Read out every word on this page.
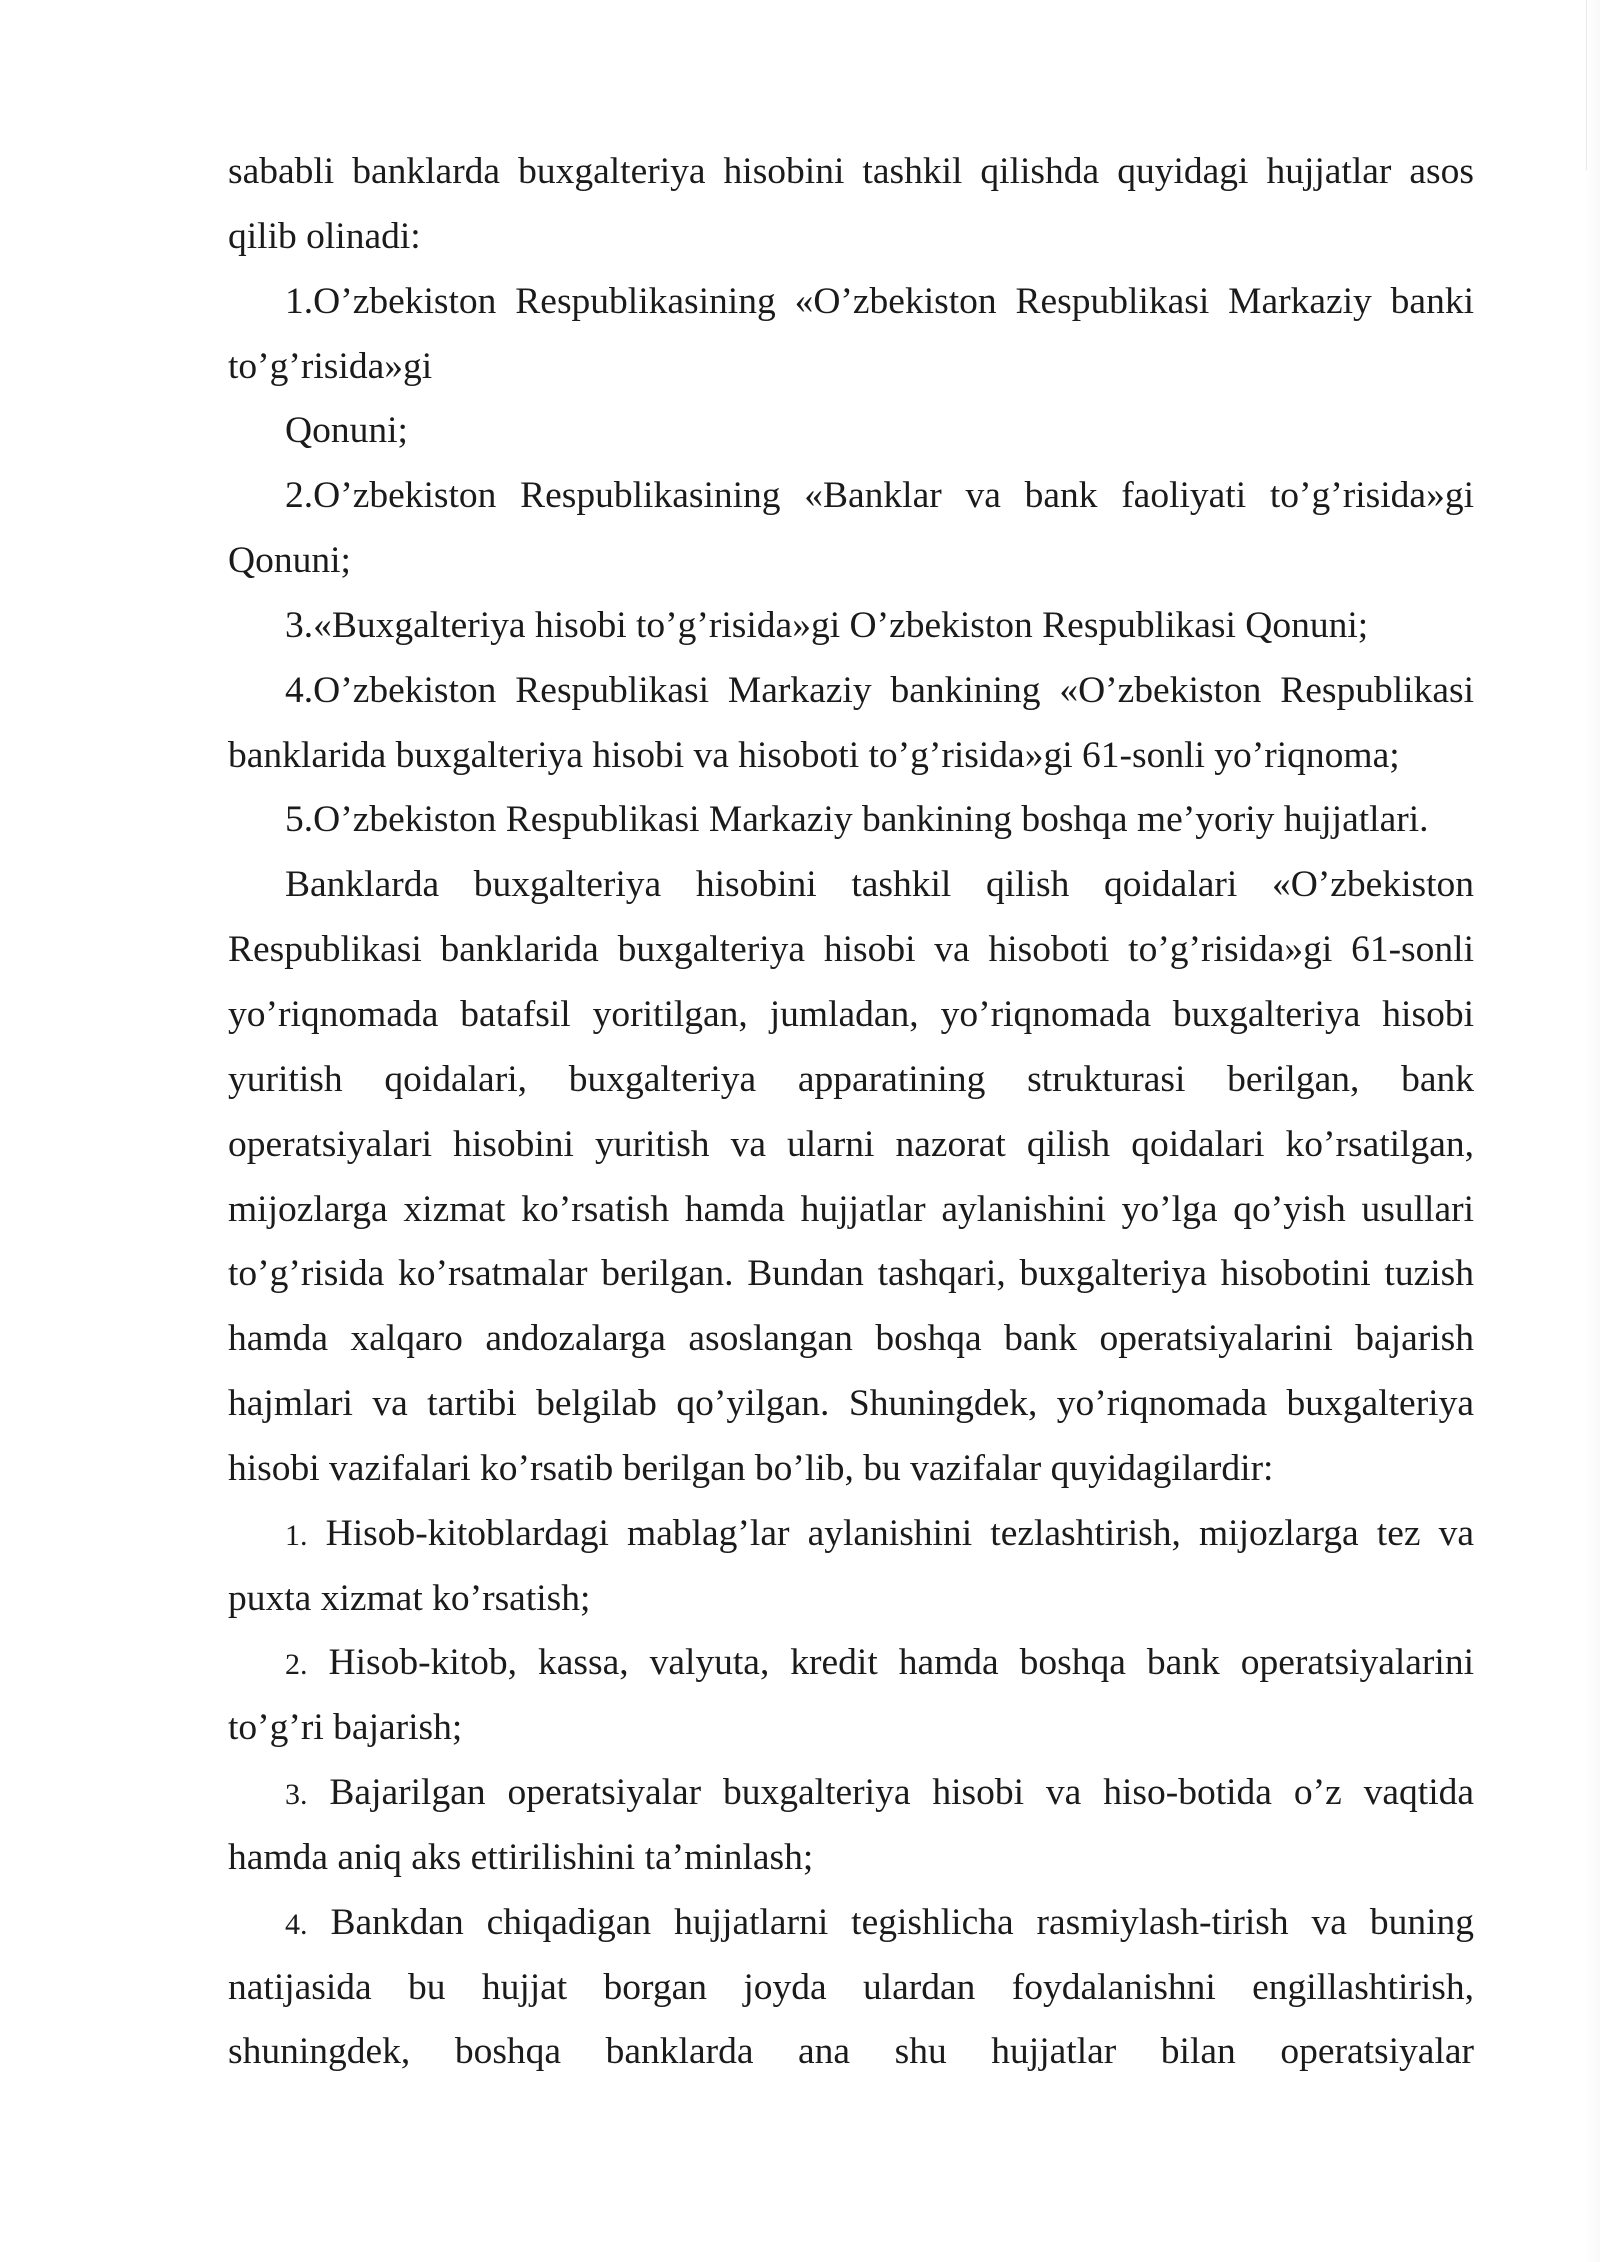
sababli banklarda buxgalteriya hisobini tashkil qilishda quyidagi hujjatlar asos
qilib olinadi:
1.O’zbekiston Respublikasining «O’zbekiston Respublikasi Markaziy banki
to’g’risida»gi
Qonuni;
2.O’zbekiston Respublikasining «Banklar va bank faoliyati to’g’risida»gi
Qonuni;
3.«Buxgalteriya hisobi to’g’risida»gi O’zbekiston Respublikasi Qonuni;
4.O’zbekiston Respublikasi Markaziy bankining «O’zbekiston Respublikasi
banklarida buxgalteriya hisobi va hisoboti to’g’risida»gi 61-sonli yo’riqnoma;
5.O’zbekiston Respublikasi Markaziy bankining boshqa me’yoriy hujjatlari.
Banklarda buxgalteriya hisobini tashkil qilish qoidalari «O’zbekiston
Respublikasi banklarida buxgalteriya hisobi va hisoboti to’g’risida»gi 61-sonli
yo’riqnomada batafsil yoritilgan, jumladan, yo’riqnomada buxgalteriya hisobi
yuritish qoidalari, buxgalteriya apparatining strukturasi berilgan, bank
operatsiyalari hisobini yuritish va ularni nazorat qilish qoidalari ko’rsatilgan,
mijozlarga xizmat ko’rsatish hamda hujjatlar aylanishini yo’lga qo’yish usullari
to’g’risida ko’rsatmalar berilgan. Bundan tashqari, buxgalteriya hisobotini tuzish
hamda xalqaro andozalarga asoslangan boshqa bank operatsiyalarini bajarish
hajmlari va tartibi belgilab qo’yilgan. Shuningdek, yo’riqnomada buxgalteriya
hisobi vazifalari ko’rsatib berilgan bo’lib, bu vazifalar quyidagilardir:
1. Hisob-kitoblardagi mablag’lar aylanishini tezlashtirish, mijozlarga tez va
puxta xizmat ko’rsatish;
2. Hisob-kitob, kassa, valyuta, kredit hamda boshqa bank operatsiyalarini
to’g’ri bajarish;
3. Bajarilgan operatsiyalar buxgalteriya hisobi va hiso-botida o’z vaqtida
hamda aniq aks ettirilishini ta’minlash;
4. Bankdan chiqadigan hujjatlarni tegishlicha rasmiylash-tirish va buning
natijasida bu hujjat borgan joyda ulardan foydalanishni engillashtirish,
shuningdek, boshqa banklarda ana shu hujjatlar bilan operatsiyalar
